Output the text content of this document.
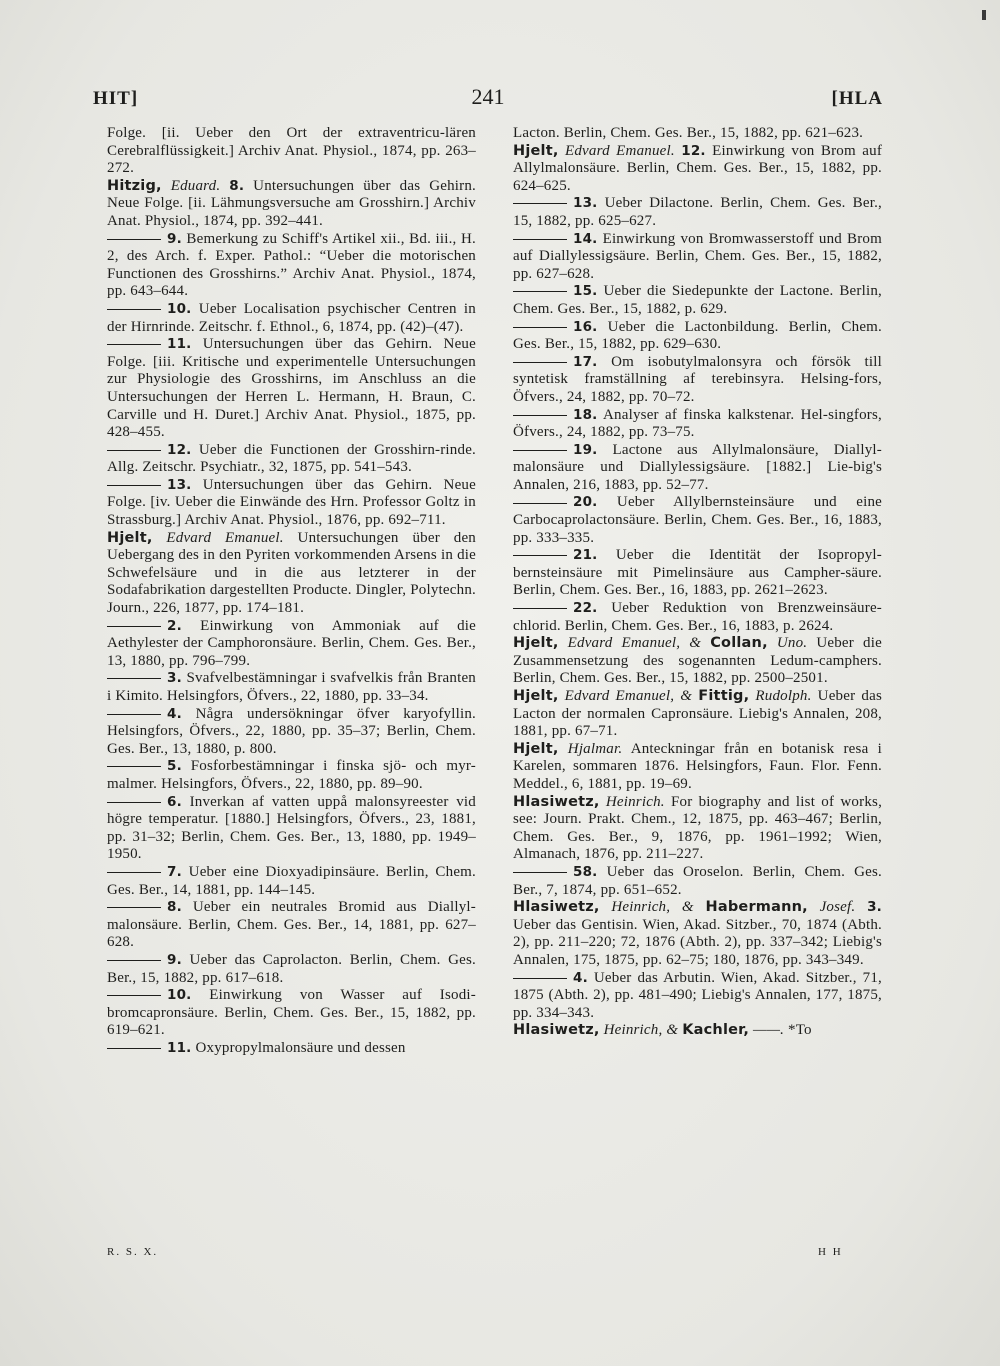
HIT]	241	[HLA
Folge. [ii. Ueber den Ort der extraventricu-lären Cerebralflüssigkeit.] Archiv Anat. Physiol., 1874, pp. 263–272.
Hitzig, Eduard. 8. Untersuchungen über das Gehirn. Neue Folge. [ii. Lähmungsversuche am Grosshirn.] Archiv Anat. Physiol., 1874, pp. 392–441.
9. Bemerkung zu Schiff's Artikel xii., Bd. iii., H. 2, des Arch. f. Exper. Pathol.: “Ueber die motorischen Functionen des Grosshirns.” Archiv Anat. Physiol., 1874, pp. 643–644.
10. Ueber Localisation psychischer Centren in der Hirnrinde. Zeitschr. f. Ethnol., 6, 1874, pp. (42)–(47).
11. Untersuchungen über das Gehirn. Neue Folge. [iii. Kritische und experimentelle Untersuchungen zur Physiologie des Grosshirns, im Anschluss an die Untersuchungen der Herren L. Hermann, H. Braun, C. Carville und H. Duret.] Archiv Anat. Physiol., 1875, pp. 428–455.
12. Ueber die Functionen der Grosshirn-rinde. Allg. Zeitschr. Psychiatr., 32, 1875, pp. 541–543.
13. Untersuchungen über das Gehirn. Neue Folge. [iv. Ueber die Einwände des Hrn. Professor Goltz in Strassburg.] Archiv Anat. Physiol., 1876, pp. 692–711.
Hjelt, Edvard Emanuel. Untersuchungen über den Uebergang des in den Pyriten vorkommenden Arsens in die Schwefelsäure und in die aus letzterer in der Sodafabrikation dargestellten Producte. Dingler, Polytechn. Journ., 226, 1877, pp. 174–181.
2. Einwirkung von Ammoniak auf die Aethylester der Camphoronsäure. Berlin, Chem. Ges. Ber., 13, 1880, pp. 796–799.
3. Svafvelbestämningar i svafvelkis från Branten i Kimito. Helsingfors, Öfvers., 22, 1880, pp. 33–34.
4. Några undersökningar öfver karyofyllin. Helsingfors, Öfvers., 22, 1880, pp. 35–37; Berlin, Chem. Ges. Ber., 13, 1880, p. 800.
5. Fosforbestämningar i finska sjö- och myr-malmer. Helsingfors, Öfvers., 22, 1880, pp. 89–90.
6. Inverkan af vatten uppå malonsyreester vid högre temperatur. [1880.] Helsingfors, Öfvers., 23, 1881, pp. 31–32; Berlin, Chem. Ges. Ber., 13, 1880, pp. 1949–1950.
7. Ueber eine Dioxyadipinsäure. Berlin, Chem. Ges. Ber., 14, 1881, pp. 144–145.
8. Ueber ein neutrales Bromid aus Diallyl-malonsäure. Berlin, Chem. Ges. Ber., 14, 1881, pp. 627–628.
9. Ueber das Caprolacton. Berlin, Chem. Ges. Ber., 15, 1882, pp. 617–618.
10. Einwirkung von Wasser auf Isodi-bromcapronsäure. Berlin, Chem. Ges. Ber., 15, 1882, pp. 619–621.
11. Oxypropylmalonsäure und dessen
Lacton. Berlin, Chem. Ges. Ber., 15, 1882, pp. 621–623.
Hjelt, Edvard Emanuel. 12. Einwirkung von Brom auf Allylmalonsäure. Berlin, Chem. Ges. Ber., 15, 1882, pp. 624–625.
13. Ueber Dilactone. Berlin, Chem. Ges. Ber., 15, 1882, pp. 625–627.
14. Einwirkung von Bromwasserstoff und Brom auf Diallylessigsäure. Berlin, Chem. Ges. Ber., 15, 1882, pp. 627–628.
15. Ueber die Siedepunkte der Lactone. Berlin, Chem. Ges. Ber., 15, 1882, p. 629.
16. Ueber die Lactonbildung. Berlin, Chem. Ges. Ber., 15, 1882, pp. 629–630.
17. Om isobutylmalonsyra och försök till syntetisk framställning af terebinsyra. Helsing-fors, Öfvers., 24, 1882, pp. 70–72.
18. Analyser af finska kalkstenar. Hel-singfors, Öfvers., 24, 1882, pp. 73–75.
19. Lactone aus Allylmalonsäure, Diallyl-malonsäure und Diallylessigsäure. [1882.] Lie-big's Annalen, 216, 1883, pp. 52–77.
20. Ueber Allylbernsteinsäure und eine Carbocaprolactonsäure. Berlin, Chem. Ges. Ber., 16, 1883, pp. 333–335.
21. Ueber die Identität der Isopropyl-bernsteinsäure mit Pimelinsäure aus Campher-säure. Berlin, Chem. Ges. Ber., 16, 1883, pp. 2621–2623.
22. Ueber Reduktion von Brenzweinsäure-chlorid. Berlin, Chem. Ges. Ber., 16, 1883, p. 2624.
Hjelt, Edvard Emanuel, & Collan, Uno. Ueber die Zusammensetzung des sogenannten Ledum-camphers. Berlin, Chem. Ges. Ber., 15, 1882, pp. 2500–2501.
Hjelt, Edvard Emanuel, & Fittig, Rudolph. Ueber das Lacton der normalen Capronsäure. Liebig's Annalen, 208, 1881, pp. 67–71.
Hjelt, Hjalmar. Anteckningar från en botanisk resa i Karelen, sommaren 1876. Helsingfors, Faun. Flor. Fenn. Meddel., 6, 1881, pp. 19–69.
Hlasiwetz, Heinrich. For biography and list of works, see: Journ. Prakt. Chem., 12, 1875, pp. 463–467; Berlin, Chem. Ges. Ber., 9, 1876, pp. 1961–1992; Wien, Almanach, 1876, pp. 211–227.
58. Ueber das Oroselon. Berlin, Chem. Ges. Ber., 7, 1874, pp. 651–652.
Hlasiwetz, Heinrich, & Habermann, Josef. 3. Ueber das Gentisin. Wien, Akad. Sitzber., 70, 1874 (Abth. 2), pp. 211–220; 72, 1876 (Abth. 2), pp. 337–342; Liebig's Annalen, 175, 1875, pp. 62–75; 180, 1876, pp. 343–349.
4. Ueber das Arbutin. Wien, Akad. Sitzber., 71, 1875 (Abth. 2), pp. 481–490; Liebig's Annalen, 177, 1875, pp. 334–343.
Hlasiwetz, Heinrich, & Kachler, ——. *To
R. S. X.	H H
